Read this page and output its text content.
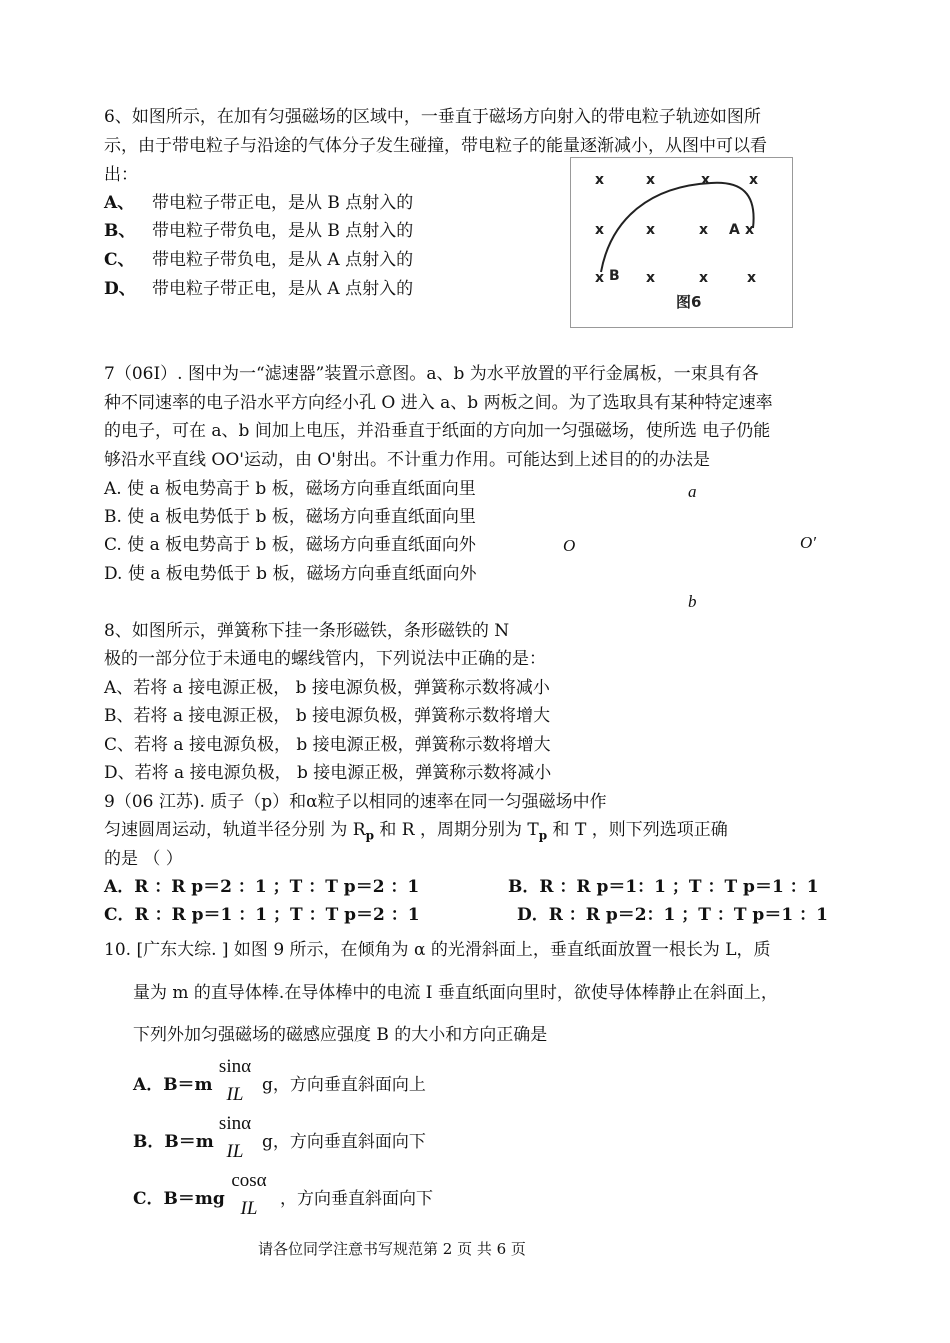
6、如图所示，在加有匀强磁场的区域中，一垂直于磁场方向射入的带电粒子轨迹如图所
示，由于带电粒子与沿途的气体分子发生碰撞，带电粒子的能量逐渐减小，从图中可以看
出：
A、 带电粒子带正电，是从 B 点射入的
B、 带电粒子带负电，是从 B 点射入的
C、 带电粒子带负电，是从 A 点射入的
D、 带电粒子带正电，是从 A 点射入的
x	x	x	x
x	x	x A x
x B x	x	x
图6
7（06Ⅰ）. 图中为一“滤速器”装置示意图。a、b 为水平放置的平行金属板，一束具有各
种不同速率的电子沿水平方向经小孔 O 进入 a、b 两板之间。为了选取具有某种特定速率
的电子，可在 a、b 间加上电压，并沿垂直于纸面的方向加一匀强磁场，使所选 电子仍能
够沿水平直线 OO'运动，由 O'射出。不计重力作用。可能达到上述目的的办法是
A. 使 a 板电势高于 b 板，磁场方向垂直纸面向里
B. 使 a 板电势低于 b 板，磁场方向垂直纸面向里
C. 使 a 板电势高于 b 板，磁场方向垂直纸面向外
D. 使 a 板电势低于 b 板，磁场方向垂直纸面向外
a
O	O′
b
8、如图所示，弹簧称下挂一条形磁铁，条形磁铁的 N
极的一部分位于未通电的螺线管内，下列说法中正确的是：
A、若将 a 接电源正极， b 接电源负极，弹簧称示数将减小
B、若将 a 接电源正极， b 接电源负极，弹簧称示数将增大
C、若将 a 接电源负极， b 接电源正极，弹簧称示数将增大
D、若将 a 接电源负极， b 接电源正极，弹簧称示数将减小
9（06 江苏). 质子（p）和α粒子以相同的速率在同一匀强磁场中作
匀速圆周运动，轨道半径分别 为 $R_p$ 和 R ，周期分别为 $T_p$ 和 T ，则下列选项正确
的是 （ ）
A．R ：R p＝2 ：1 ；T ：T p＝2 ：1	B．R ：R p＝1：1 ；T ：T p＝1 ：1
C．R ：R p＝1 ：1 ；T ：T p＝2 ：1	D．R ：R p＝2：1 ；T ：T p＝1 ：1
10. [广东大综. ] 如图 9 所示，在倾角为 α 的光滑斜面上，垂直纸面放置一根长为 L，质
量为 m 的直导体棒.在导体棒中的电流 I 垂直纸面向里时，欲使导体棒静止在斜面上，
下列外加匀强磁场的磁感应强度 B 的大小和方向正确是
A．B＝m
sinα
IL	g，方向垂直斜面向上
B．B＝m
sinα
IL	g，方向垂直斜面向下
C．B＝mg
cosα
IL	，方向垂直斜面向下
请各位同学注意书写规范第 2 页 共 6 页
